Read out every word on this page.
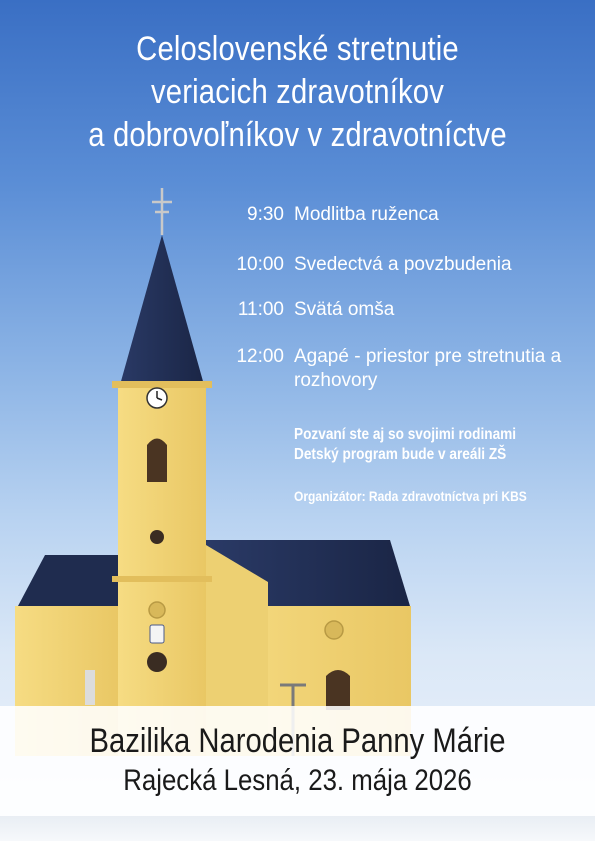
Celoslovenské stretnutie
veriacich zdravotníkov
a dobrovoľníkov v zdravotníctve
9:30 Modlitba ruženca
10:00 Svedectvá a povzbudenia
11:00 Svätá omša
12:00 Agapé - priestor pre stretnutia a rozhovory
Pozvaní ste aj so svojimi rodinami
Detský program bude v areáli ZŠ
Organizátor: Rada zdravotníctva pri KBS
Bazilika Narodenia Panny Márie
Rajecká Lesná, 23. mája 2026
